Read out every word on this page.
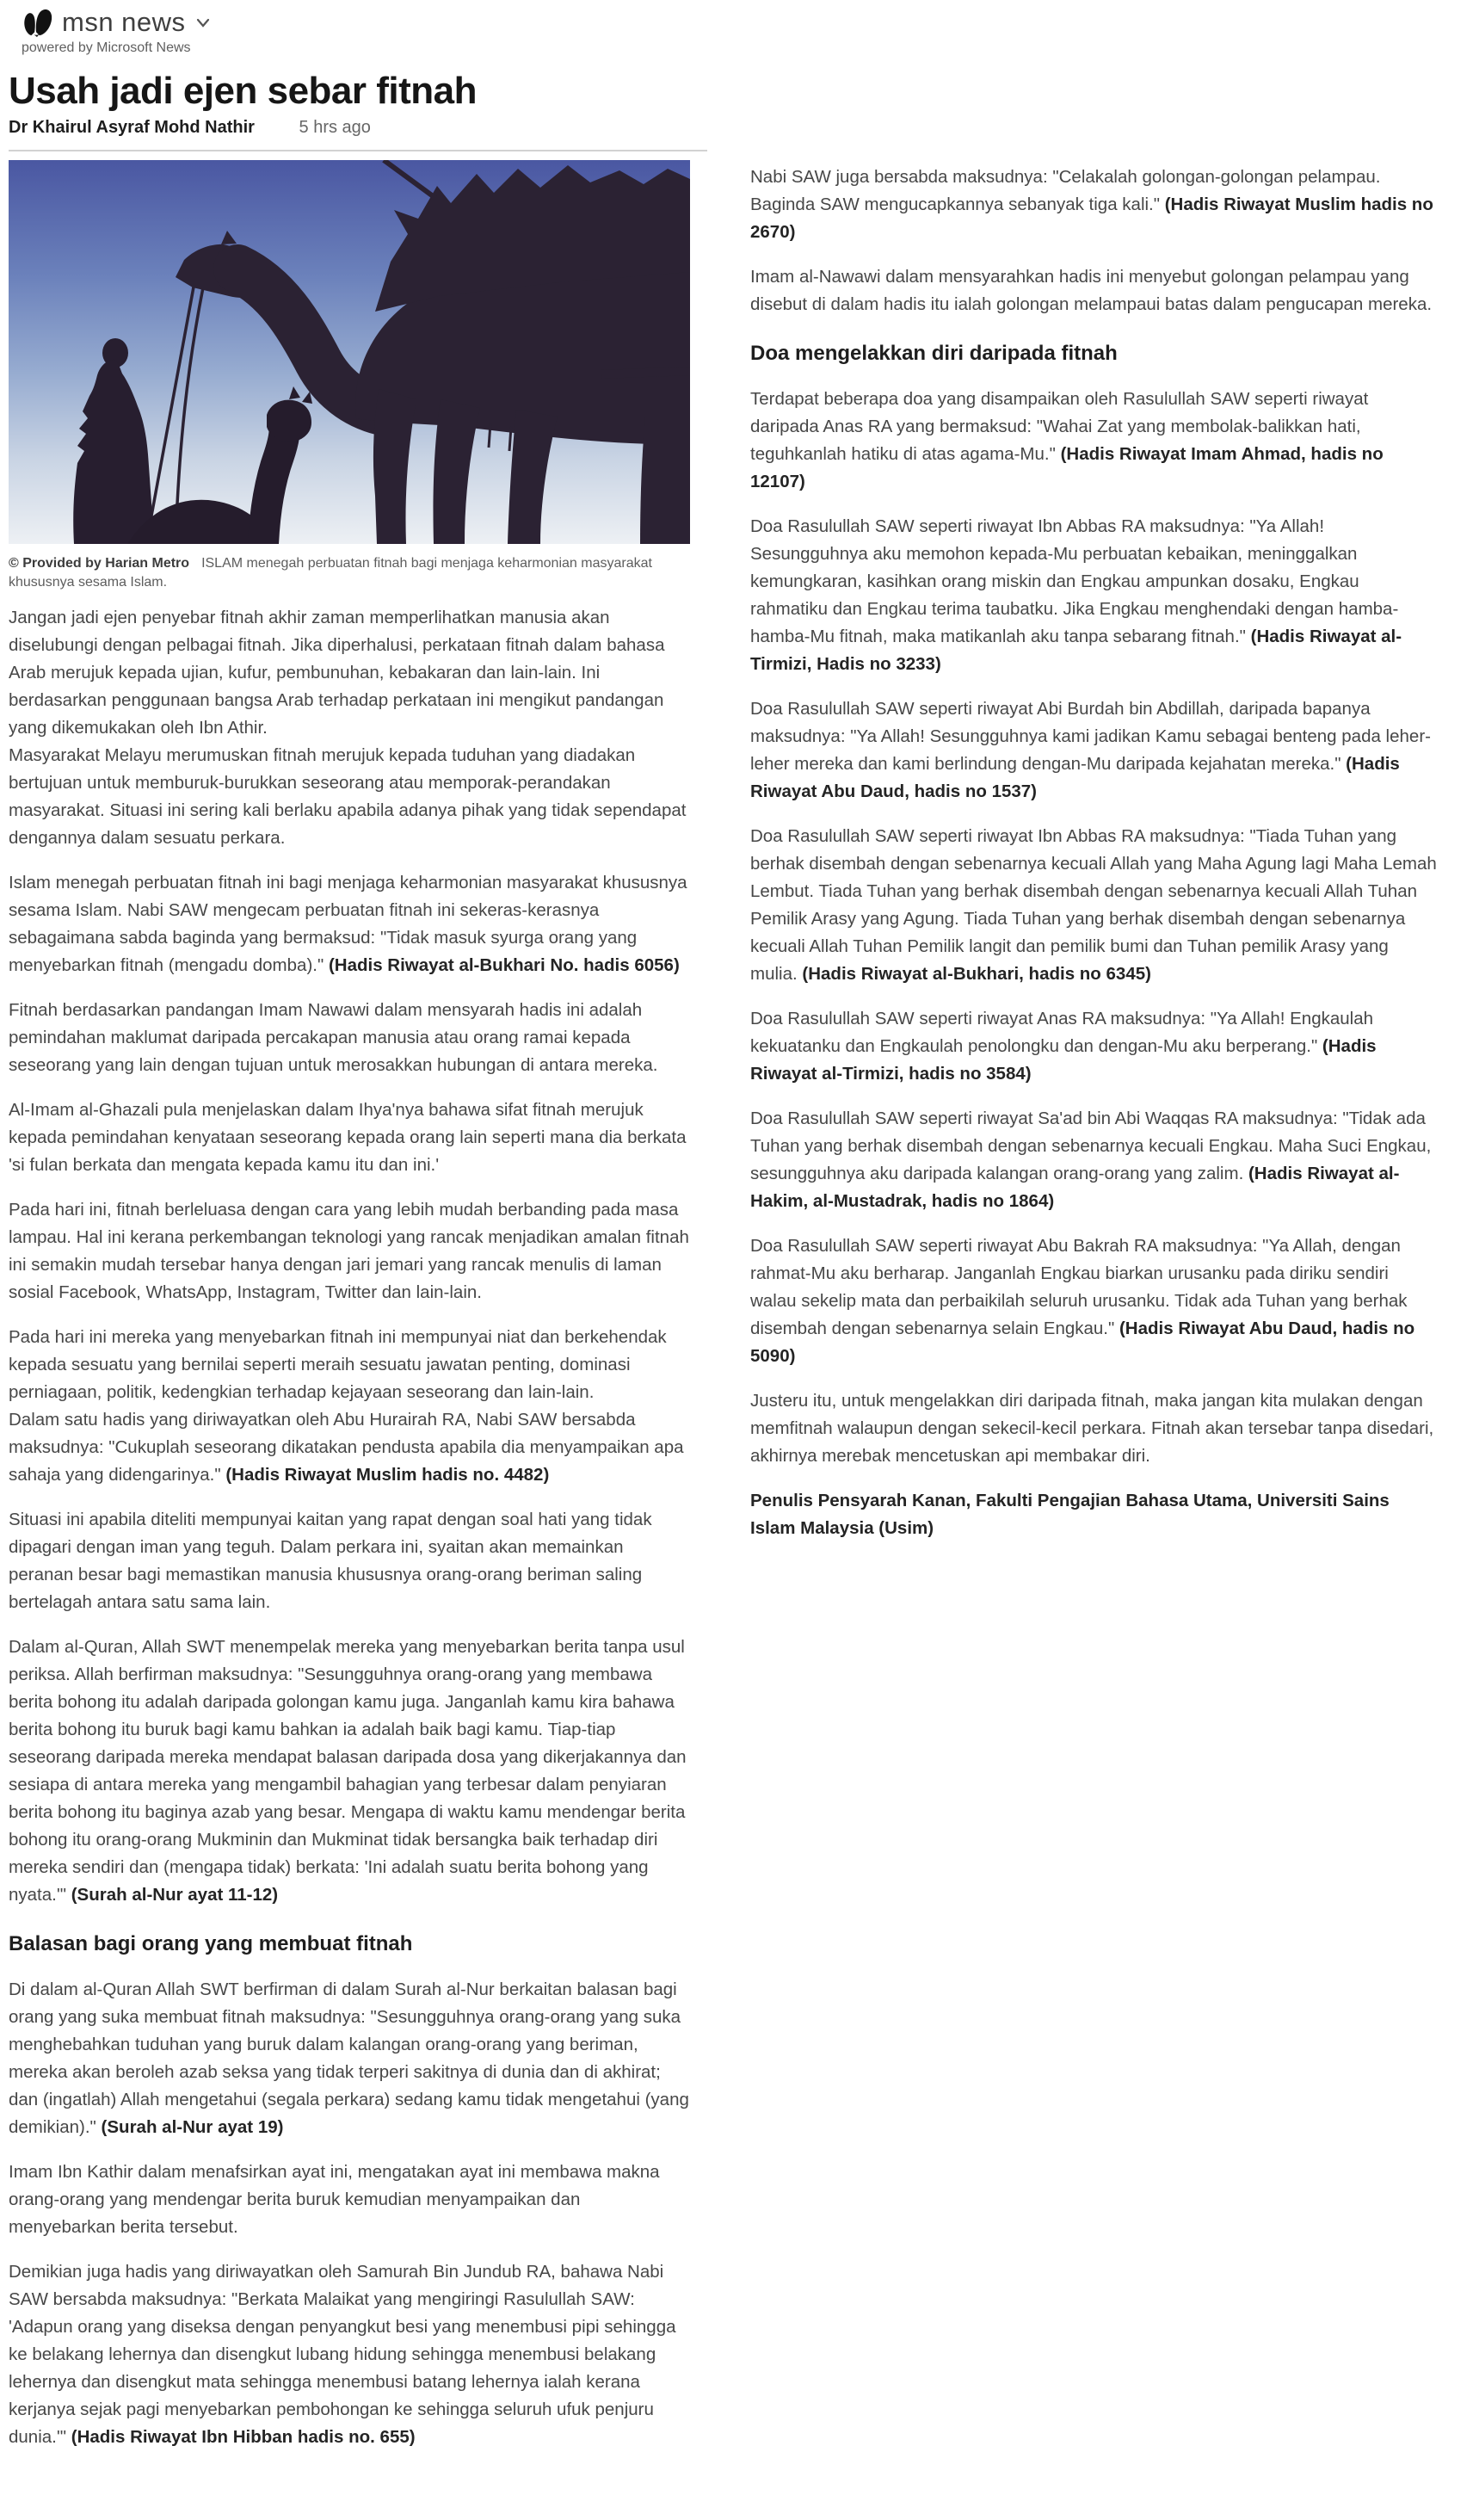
msn news
powered by Microsoft News
Usah jadi ejen sebar fitnah
Dr Khairul Asyraf Mohd Nathir	5 hrs ago
© Provided by Harian Metro ISLAM menegah perbuatan fitnah bagi menjaga keharmonian masyarakat khususnya sesama Islam.

Jangan jadi ejen penyebar fitnah akhir zaman memperlihatkan manusia akan diselubungi dengan pelbagai fitnah. Jika diperhalusi, perkataan fitnah dalam bahasa Arab merujuk kepada ujian, kufur, pembunuhan, kebakaran dan lain-lain. Ini berdasarkan penggunaan bangsa Arab terhadap perkataan ini mengikut pandangan yang dikemukakan oleh Ibn Athir.

Masyarakat Melayu merumuskan fitnah merujuk kepada tuduhan yang diadakan bertujuan untuk memburuk-burukkan seseorang atau memporak-perandakan masyarakat. Situasi ini sering kali berlaku apabila adanya pihak yang tidak sependapat dengannya dalam sesuatu perkara.

Islam menegah perbuatan fitnah ini bagi menjaga keharmonian masyarakat khususnya sesama Islam. Nabi SAW mengecam perbuatan fitnah ini sekeras-kerasnya sebagaimana sabda baginda yang bermaksud: "Tidak masuk syurga orang yang menyebarkan fitnah (mengadu domba)." (Hadis Riwayat al-Bukhari No. hadis 6056)

Fitnah berdasarkan pandangan Imam Nawawi dalam mensyarah hadis ini adalah pemindahan maklumat daripada percakapan manusia atau orang ramai kepada seseorang yang lain dengan tujuan untuk merosakkan hubungan di antara mereka.

Al-Imam al-Ghazali pula menjelaskan dalam Ihya'nya bahawa sifat fitnah merujuk kepada pemindahan kenyataan seseorang kepada orang lain seperti mana dia berkata 'si fulan berkata dan mengata kepada kamu itu dan ini.'

Pada hari ini, fitnah berleluasa dengan cara yang lebih mudah berbanding pada masa lampau. Hal ini kerana perkembangan teknologi yang rancak menjadikan amalan fitnah ini semakin mudah tersebar hanya dengan jari jemari yang rancak menulis di laman sosial Facebook, WhatsApp, Instagram, Twitter dan lain-lain.

Pada hari ini mereka yang menyebarkan fitnah ini mempunyai niat dan berkehendak kepada sesuatu yang bernilai seperti meraih sesuatu jawatan penting, dominasi perniagaan, politik, kedengkian terhadap kejayaan seseorang dan lain-lain.

Dalam satu hadis yang diriwayatkan oleh Abu Hurairah RA, Nabi SAW bersabda maksudnya: "Cukuplah seseorang dikatakan pendusta apabila dia menyampaikan apa sahaja yang didengarinya." (Hadis Riwayat Muslim hadis no. 4482)

Situasi ini apabila diteliti mempunyai kaitan yang rapat dengan soal hati yang tidak dipagari dengan iman yang teguh. Dalam perkara ini, syaitan akan memainkan peranan besar bagi memastikan manusia khususnya orang-orang beriman saling bertelagah antara satu sama lain.

Dalam al-Quran, Allah SWT menempelak mereka yang menyebarkan berita tanpa usul periksa. Allah berfirman maksudnya: "Sesungguhnya orang-orang yang membawa berita bohong itu adalah daripada golongan kamu juga. Janganlah kamu kira bahawa berita bohong itu buruk bagi kamu bahkan ia adalah baik bagi kamu. Tiap-tiap seseorang daripada mereka mendapat balasan daripada dosa yang dikerjakannya dan sesiapa di antara mereka yang mengambil bahagian yang terbesar dalam penyiaran berita bohong itu baginya azab yang besar. Mengapa di waktu kamu mendengar berita bohong itu orang-orang Mukminin dan Mukminat tidak bersangka baik terhadap diri mereka sendiri dan (mengapa tidak) berkata: 'Ini adalah suatu berita bohong yang nyata.'" (Surah al-Nur ayat 11-12)

Balasan bagi orang yang membuat fitnah

Di dalam al-Quran Allah SWT berfirman di dalam Surah al-Nur berkaitan balasan bagi orang yang suka membuat fitnah maksudnya: "Sesungguhnya orang-orang yang suka menghebahkan tuduhan yang buruk dalam kalangan orang-orang yang beriman, mereka akan beroleh azab seksa yang tidak terperi sakitnya di dunia dan di akhirat; dan (ingatlah) Allah mengetahui (segala perkara) sedang kamu tidak mengetahui (yang demikian)." (Surah al-Nur ayat 19)

Imam Ibn Kathir dalam menafsirkan ayat ini, mengatakan ayat ini membawa makna orang-orang yang mendengar berita buruk kemudian menyampaikan dan menyebarkan berita tersebut.

Demikian juga hadis yang diriwayatkan oleh Samurah Bin Jundub RA, bahawa Nabi SAW bersabda maksudnya: "Berkata Malaikat yang mengiringi Rasulullah SAW: 'Adapun orang yang diseksa dengan penyangkut besi yang menembusi pipi sehingga ke belakang lehernya dan disengkut lubang hidung sehingga menembusi belakang lehernya dan disengkut mata sehingga menembusi batang lehernya ialah kerana kerjanya sejak pagi menyebarkan pembohongan ke sehingga seluruh ufuk penjuru dunia.'" (Hadis Riwayat Ibn Hibban hadis no. 655)

Nabi SAW juga bersabda maksudnya: "Celakalah golongan-golongan pelampau. Baginda SAW mengucapkannya sebanyak tiga kali." (Hadis Riwayat Muslim hadis no 2670)

Imam al-Nawawi dalam mensyarahkan hadis ini menyebut golongan pelampau yang disebut di dalam hadis itu ialah golongan melampaui batas dalam pengucapan mereka.

Doa mengelakkan diri daripada fitnah

Terdapat beberapa doa yang disampaikan oleh Rasulullah SAW seperti riwayat daripada Anas RA yang bermaksud: "Wahai Zat yang membolak-balikkan hati, teguhkanlah hatiku di atas agama-Mu." (Hadis Riwayat Imam Ahmad, hadis no 12107)

Doa Rasulullah SAW seperti riwayat Ibn Abbas RA maksudnya: "Ya Allah! Sesungguhnya aku memohon kepada-Mu perbuatan kebaikan, meninggalkan kemungkaran, kasihkan orang miskin dan Engkau ampunkan dosaku, Engkau rahmatiku dan Engkau terima taubatku. Jika Engkau menghendaki dengan hamba-hamba-Mu fitnah, maka matikanlah aku tanpa sebarang fitnah." (Hadis Riwayat al-Tirmizi, Hadis no 3233)

Doa Rasulullah SAW seperti riwayat Abi Burdah bin Abdillah, daripada bapanya maksudnya: "Ya Allah! Sesungguhnya kami jadikan Kamu sebagai benteng pada leher-leher mereka dan kami berlindung dengan-Mu daripada kejahatan mereka." (Hadis Riwayat Abu Daud, hadis no 1537)

Doa Rasulullah SAW seperti riwayat Ibn Abbas RA maksudnya: "Tiada Tuhan yang berhak disembah dengan sebenarnya kecuali Allah yang Maha Agung lagi Maha Lemah Lembut. Tiada Tuhan yang berhak disembah dengan sebenarnya kecuali Allah Tuhan Pemilik Arasy yang Agung. Tiada Tuhan yang berhak disembah dengan sebenarnya kecuali Allah Tuhan Pemilik langit dan pemilik bumi dan Tuhan pemilik Arasy yang mulia. (Hadis Riwayat al-Bukhari, hadis no 6345)

Doa Rasulullah SAW seperti riwayat Anas RA maksudnya: "Ya Allah! Engkaulah kekuatanku dan Engkaulah penolongku dan dengan-Mu aku berperang." (Hadis Riwayat al-Tirmizi, hadis no 3584)

Doa Rasulullah SAW seperti riwayat Sa'ad bin Abi Waqqas RA maksudnya: "Tidak ada Tuhan yang berhak disembah dengan sebenarnya kecuali Engkau. Maha Suci Engkau, sesungguhnya aku daripada kalangan orang-orang yang zalim. (Hadis Riwayat al-Hakim, al-Mustadrak, hadis no 1864)

Doa Rasulullah SAW seperti riwayat Abu Bakrah RA maksudnya: "Ya Allah, dengan rahmat-Mu aku berharap. Janganlah Engkau biarkan urusanku pada diriku sendiri walau sekelip mata dan perbaikilah seluruh urusanku. Tidak ada Tuhan yang berhak disembah dengan sebenarnya selain Engkau." (Hadis Riwayat Abu Daud, hadis no 5090)

Justeru itu, untuk mengelakkan diri daripada fitnah, maka jangan kita mulakan dengan memfitnah walaupun dengan sekecil-kecil perkara. Fitnah akan tersebar tanpa disedari, akhirnya merebak mencetuskan api membakar diri.

Penulis Pensyarah Kanan, Fakulti Pengajian Bahasa Utama, Universiti Sains Islam Malaysia (Usim)
